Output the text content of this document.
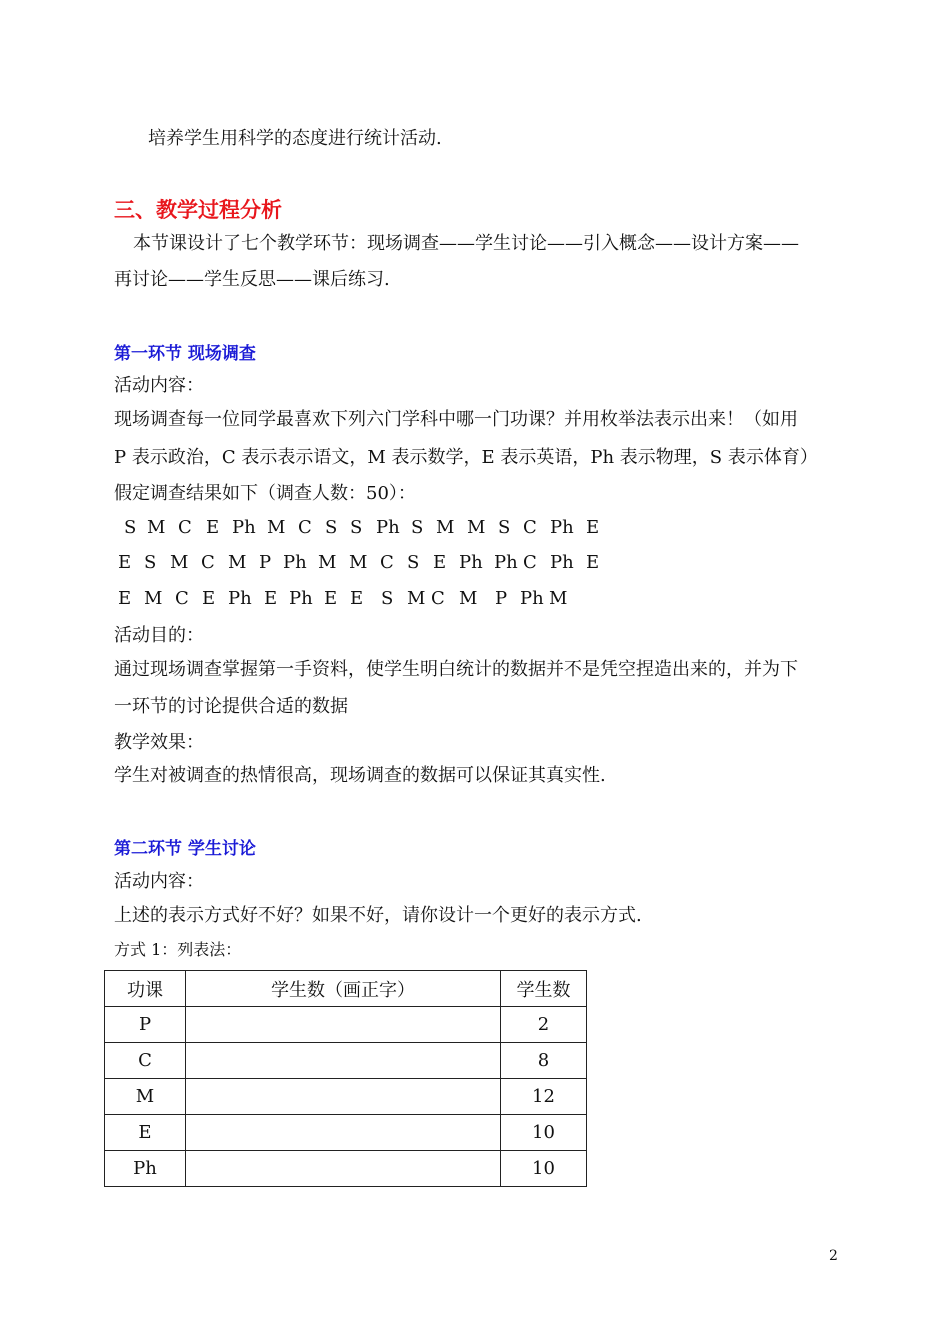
培养学生用科学的态度进行统计活动.
三、教学过程分析
本节课设计了七个教学环节：现场调查——学生讨论——引入概念——设计方案——
再讨论——学生反思——课后练习.
第一环节 现场调查
活动内容：
现场调查每一位同学最喜欢下列六门学科中哪一门功课？并用枚举法表示出来！（如用
P 表示政治，C 表示表示语文，M 表示数学，E 表示英语，Ph 表示物理，S 表示体育）
假定调查结果如下（调查人数：50）：
S M C E Ph M C S S Ph S M M S C Ph E
E S M C M P Ph M M C S E Ph Ph C Ph E
E M C E Ph E Ph E E S M C M P Ph M
活动目的：
通过现场调查掌握第一手资料，使学生明白统计的数据并不是凭空捏造出来的，并为下
一环节的讨论提供合适的数据
教学效果：
学生对被调查的热情很高，现场调查的数据可以保证其真实性.
第二环节 学生讨论
活动内容：
上述的表示方式好不好？如果不好，请你设计一个更好的表示方式.
方式 1：列表法：
功课	学生数（画正字）	学生数
P		2
C		8
M		12
E		10
Ph		10
2
